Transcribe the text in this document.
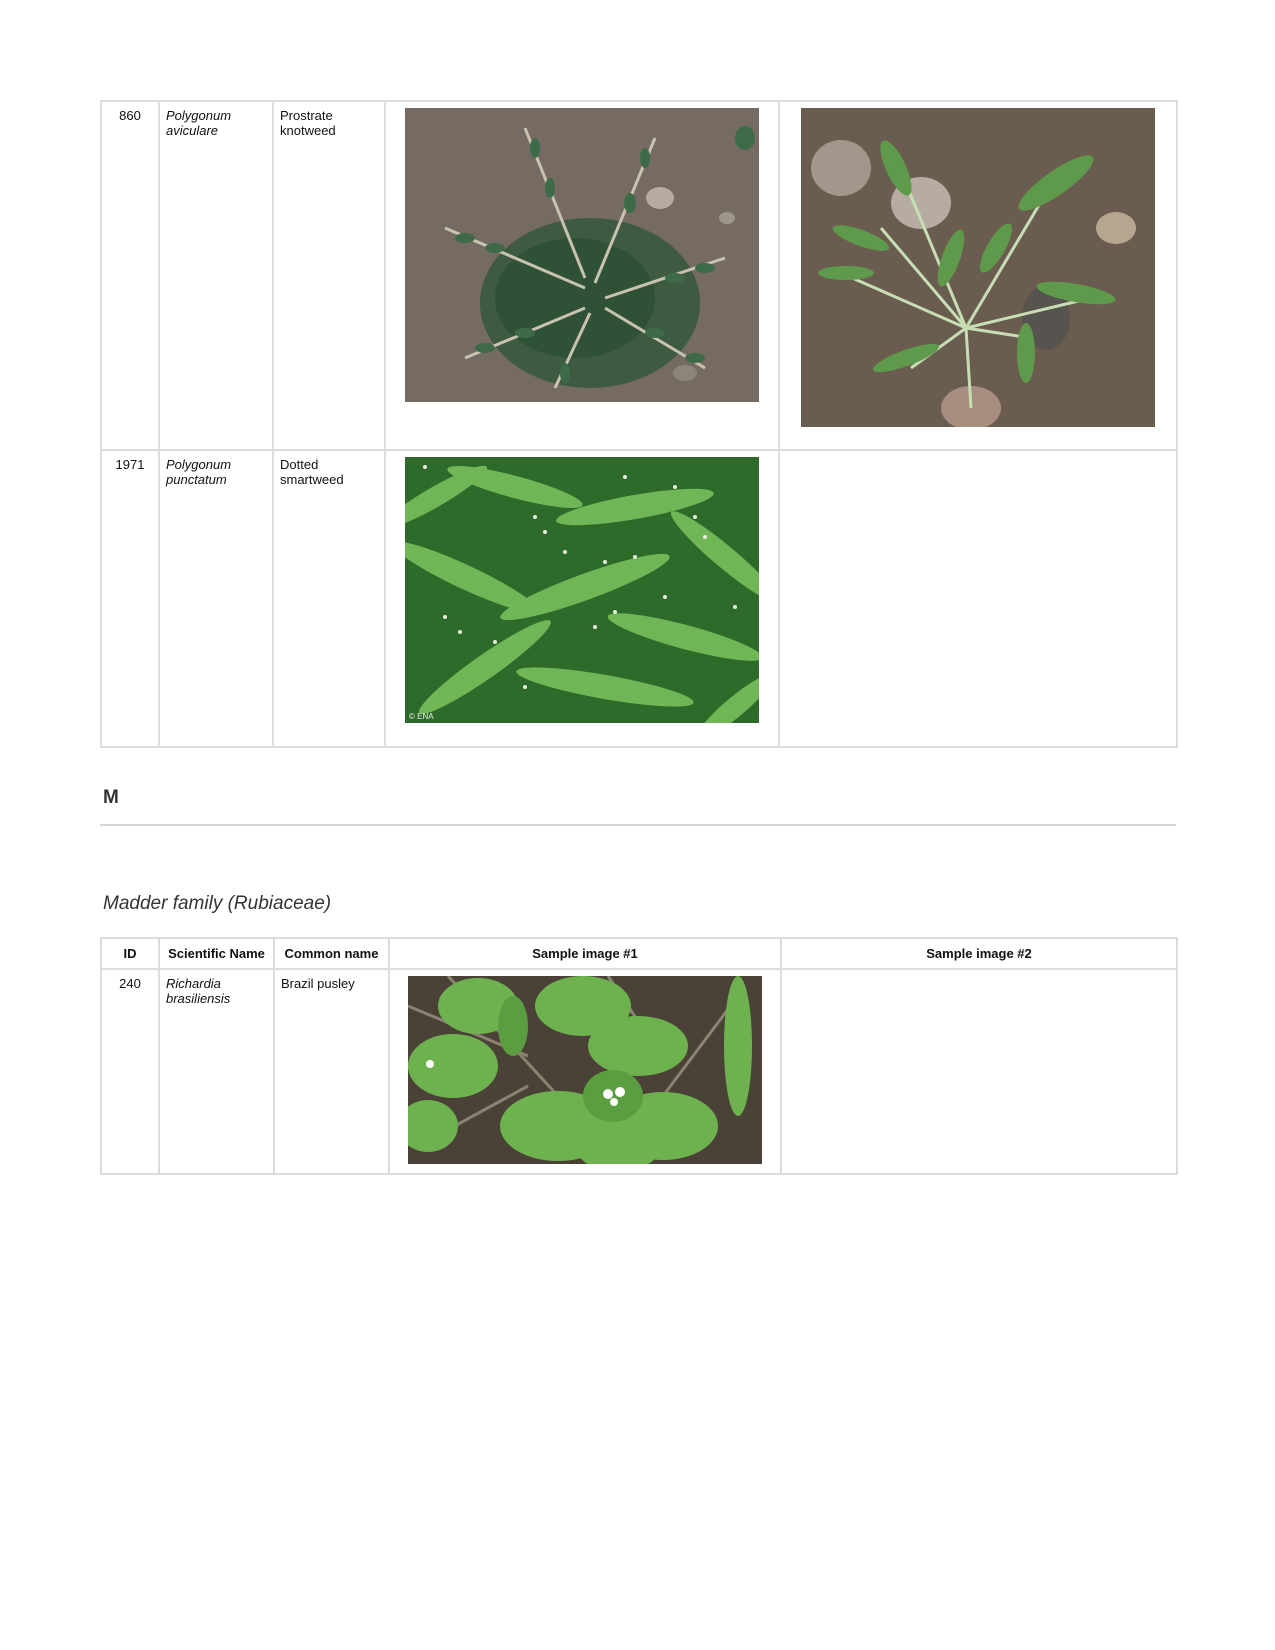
860	Polygonum aviculare	Prostrate knotweed	

1971	Polygonum punctatum	Dotted smartweed	© ENA	

M
Madder family (Rubiaceae)
ID	Scientific Name	Common name	Sample image #1	Sample image #2
240	Richardia brasiliensis	Brazil pusley	
